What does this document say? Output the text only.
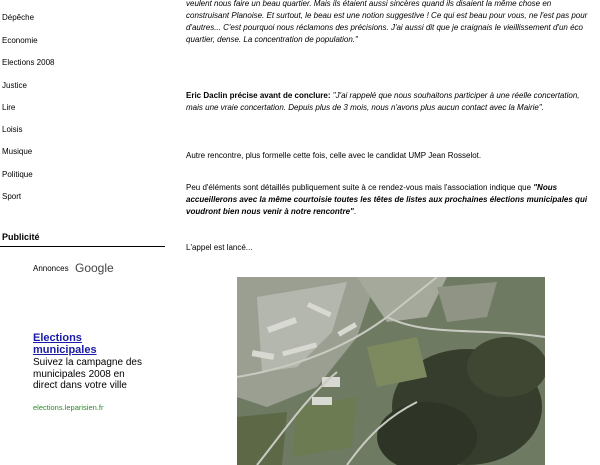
Dépêche
Economie
Elections 2008
Justice
Lire
Loisis
Musique
Politique
Sport
Publicité
Annonces Google
Elections municipales
Suivez la campagne des municipales 2008 en direct dans votre ville
elections.leparisien.fr
veulent nous faire un beau quartier. Mais ils étaient aussi sincères quand ils disaient la même chose en construisant Planoise. Et surtout, le beau est une notion suggestive ! Ce qui est beau pour vous, ne l'est pas pour d'autres... C'est pourquoi nous réclamons des précisions. J'ai aussi dit que je craignais le vieillissement d'un éco quartier, dense. La concentration de population."
Eric Daclin précise avant de conclure: "J'ai rappelé que nous souhaitons participer à une réelle concertation, mais une vraie concertation. Depuis plus de 3 mois, nous n'avons plus aucun contact avec la Mairie".
Autre rencontre, plus formelle cette fois, celle avec le candidat UMP Jean Rosselot.
Peu d'éléments sont détaillés publiquement suite à ce rendez-vous mais l'association indique que "Nous accueillerons avec la même courtoisie toutes les têtes de listes aux prochaines élections municipales qui voudront bien nous venir à notre rencontre".
L'appel est lancé...
